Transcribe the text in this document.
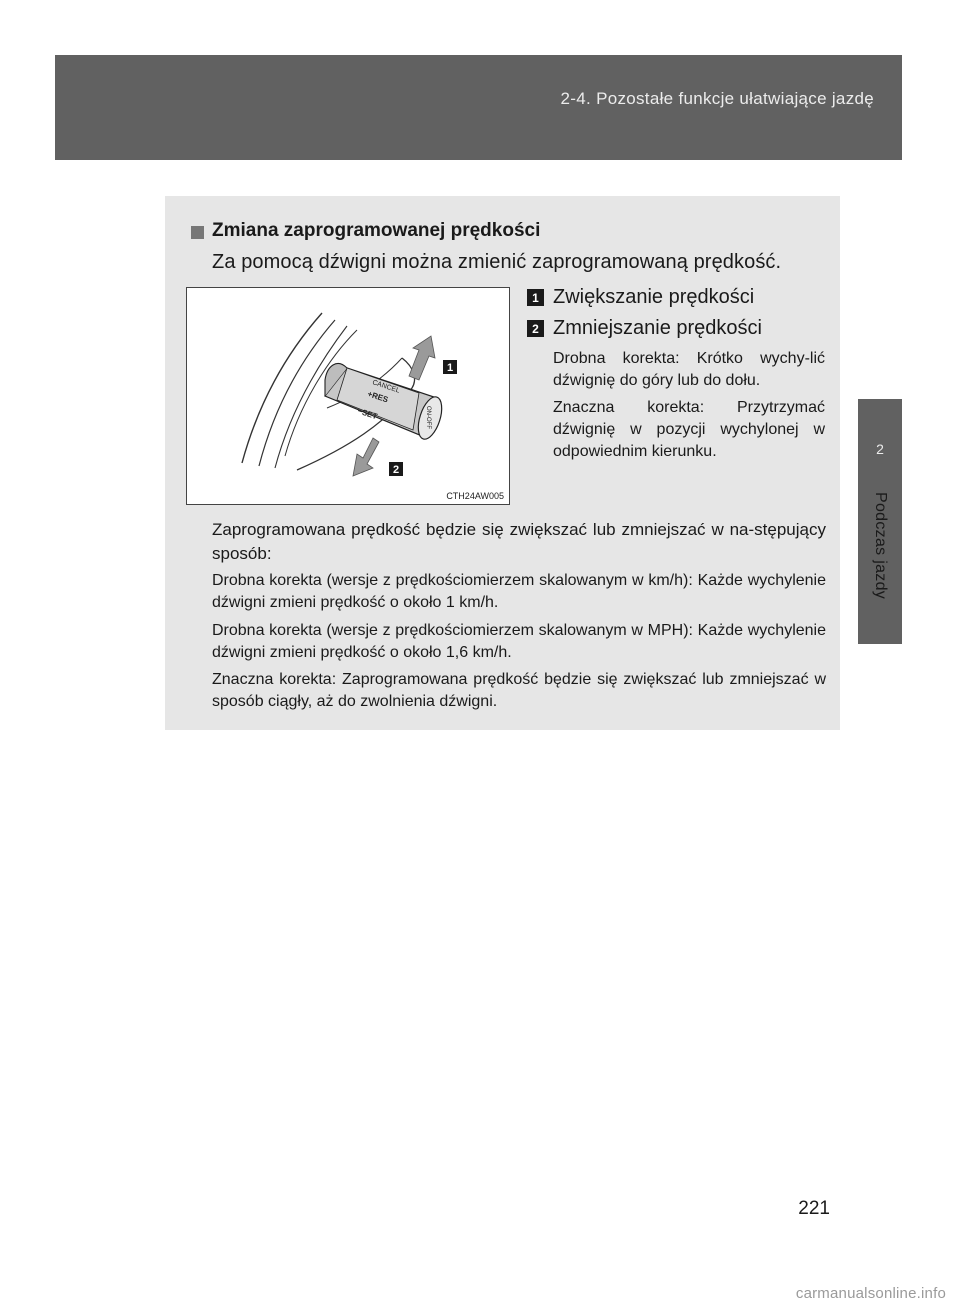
2-4. Pozostałe funkcje ułatwiające jazdę
2
Podczas jazdy
Zmiana zaprogramowanej prędkości
Za pomocą dźwigni można zmienić zaprogramowaną prędkość.
CANCEL
+RES
−SET	ON-OFF
1
2
CTH24AW005
1 Zwiększanie prędkości
2 Zmniejszanie prędkości
Drobna korekta: Krótko wychy-lić dźwignię do góry lub do dołu.
Znaczna korekta: Przytrzymać dźwignię w pozycji wychylonej w odpowiednim kierunku.
Zaprogramowana prędkość będzie się zwiększać lub zmniejszać w na-stępujący sposób:
Drobna korekta (wersje z prędkościomierzem skalowanym w km/h): Każde wychylenie dźwigni zmieni prędkość o około 1 km/h.
Drobna korekta (wersje z prędkościomierzem skalowanym w MPH): Każde wychylenie dźwigni zmieni prędkość o około 1,6 km/h.
Znaczna korekta: Zaprogramowana prędkość będzie się zwiększać lub zmniejszać w sposób ciągły, aż do zwolnienia dźwigni.
221
carmanualsonline.info
